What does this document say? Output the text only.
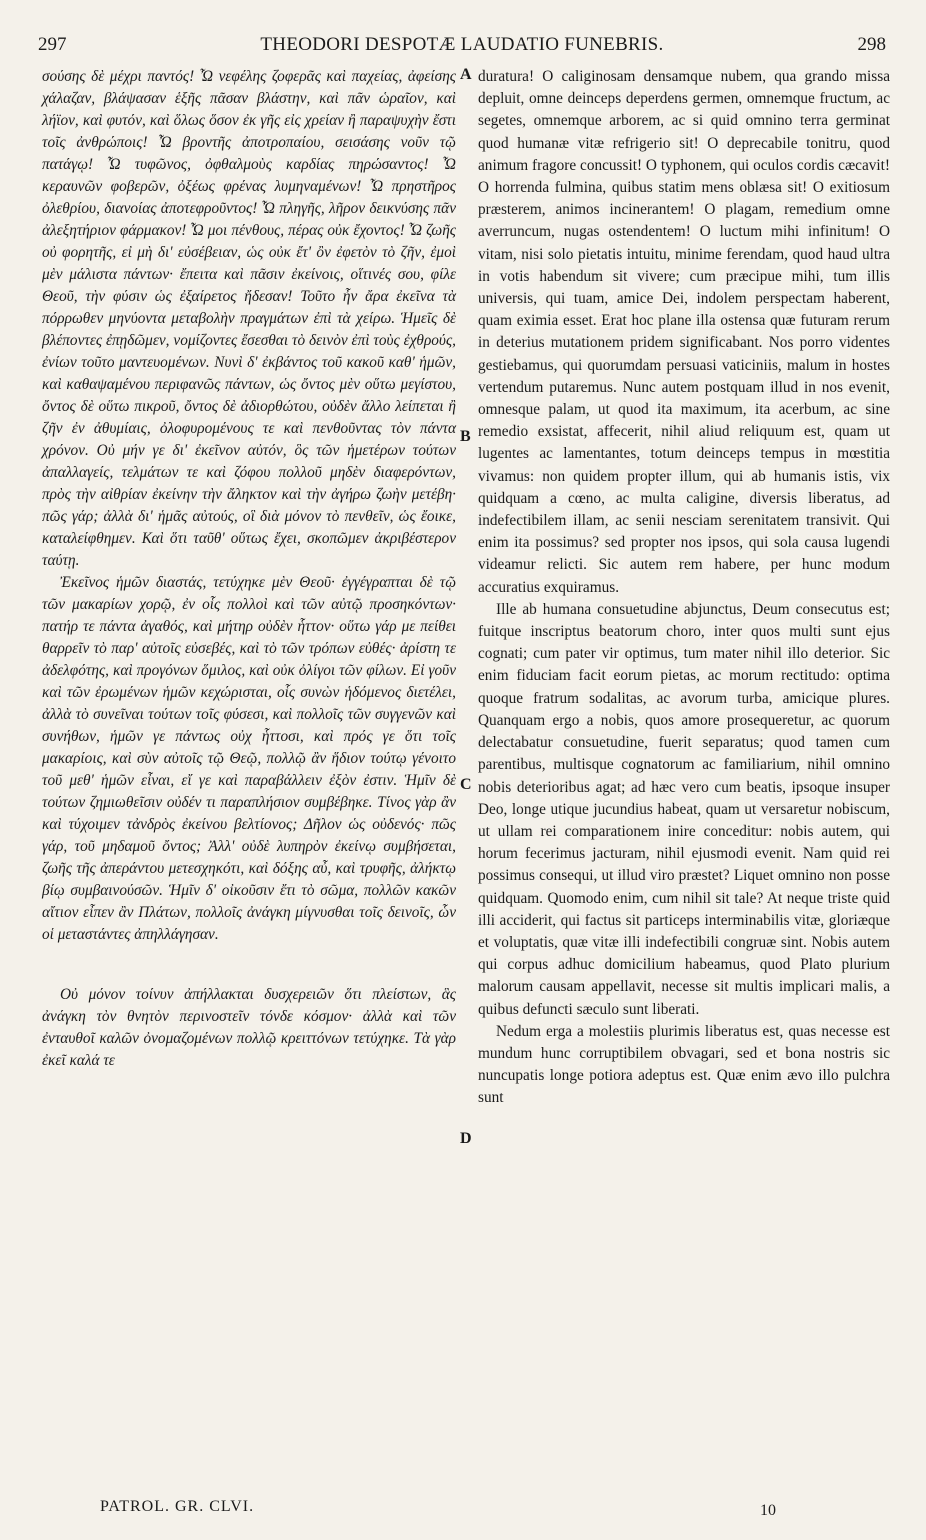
297	THEODORI DESPOTÆ LAUDATIO FUNEBRIS.	298

σούσης δὲ μέχρι παντός! Ὦ νεφέλης ζοφερᾶς καὶ παχείας, ἀφείσης χάλαζαν, βλάψασαν ἑξῆς πᾶσαν βλάστην, καὶ πᾶν ὡραῖον, καὶ λήϊον, καὶ φυτόν, καὶ ὅλως ὅσον ἐκ γῆς εἰς χρείαν ἢ παραψυχὴν ἔστι τοῖς ἀνθρώποις! Ὦ βροντῆς ἀποτροπαίου, σεισάσης νοῦν τῷ πατάγῳ! Ὦ τυφῶνος, ὀφθαλμοὺς καρδίας πηρώσαντος! Ὦ κεραυνῶν φοβερῶν, ὀξέως φρένας λυμηναμένων! Ὦ πρηστῆρος ὀλεθρίου, διανοίας ἀποτεφροῦντος! Ὦ πληγῆς, λῆρον δεικνύσης πᾶν ἀλεξητήριον φάρμακον! Ὦ μοι πένθους, πέρας οὐκ ἔχοντος! Ὦ ζωῆς οὐ φορητῆς, εἰ μὴ δι' εὐσέβειαν, ὡς οὐκ ἔτ' ὂν ἐφετὸν τὸ ζῆν, ἐμοὶ μὲν μάλιστα πάντων· ἔπειτα καὶ πᾶσιν ἐκείνοις, οἵτινές σου, φίλε Θεοῦ, τὴν φύσιν ὡς ἐξαίρετος ἤδεσαν! Τοῦτο ἦν ἄρα ἐκεῖνα τὰ πόρρωθεν μηνύοντα μεταβολὴν πραγμάτων ἐπὶ τὰ χείρω. Ἡμεῖς δὲ βλέποντες ἐπῃδῶμεν, νομίζοντες ἔσεσθαι τὸ δεινὸν ἐπὶ τοὺς ἐχθρούς, ἐνίων τοῦτο μαντευομένων. Νυνὶ δ' ἐκβάντος τοῦ κακοῦ καθ' ἡμῶν, καὶ καθαψαμένου περιφανῶς πάντων, ὡς ὄντος μὲν οὕτω μεγίστου, ὄντος δὲ οὕτω πικροῦ, ὄντος δὲ ἀδιορθώτου, οὐδὲν ἄλλο λείπεται ἢ ζῆν ἐν ἀθυμίαις, ὀλοφυρομένους τε καὶ πενθοῦντας τὸν πάντα χρόνον. Οὐ μήν γε δι' ἐκεῖνον αὐτόν, ὃς τῶν ἡμετέρων τούτων ἀπαλλαγείς, τελμάτων τε καὶ ζόφου πολλοῦ μηδὲν διαφερόντων, πρὸς τὴν αἰθρίαν ἐκείνην τὴν ἄληκτον καὶ τὴν ἀγήρω ζωὴν μετέβη· πῶς γάρ; ἀλλὰ δι' ἡμᾶς αὐτούς, οἳ διὰ μόνον τὸ πενθεῖν, ὡς ἔοικε, καταλείφθημεν. Καὶ ὅτι ταῦθ' οὕτως ἔχει, σκοπῶμεν ἀκριβέστερον ταύτῃ.

Ἐκεῖνος ἡμῶν διαστάς, τετύχηκε μὲν Θεοῦ· ἐγγέγραπται δὲ τῷ τῶν μακαρίων χορῷ, ἐν οἷς πολλοὶ καὶ τῶν αὐτῷ προσηκόντων· πατήρ τε πάντα ἀγαθός, καὶ μήτηρ οὐδὲν ἧττον· οὕτω γάρ με πείθει θαρρεῖν τὸ παρ' αὐτοῖς εὐσεβές, καὶ τὸ τῶν τρόπων εὐθές· ἀρίστη τε ἀδελφότης, καὶ προγόνων ὅμιλος, καὶ οὐκ ὀλίγοι τῶν φίλων. Εἰ γοῦν καὶ τῶν ἐρωμένων ἡμῶν κεχώρισται, οἷς συνὼν ἡδόμενος διετέλει, ἀλλὰ τὸ συνεῖναι τούτων τοῖς φύσεσι, καὶ πολλοῖς τῶν συγγενῶν καὶ συνήθων, ἡμῶν γε πάντως οὐχ ἧττοσι, καὶ πρός γε ὅτι τοῖς μακαρίοις, καὶ σὺν αὐτοῖς τῷ Θεῷ, πολλῷ ἂν ἥδιον τούτῳ γένοιτο τοῦ μεθ' ἡμῶν εἶναι, εἴ γε καὶ παραβάλλειν ἐξὸν ἐστιν. Ἡμῖν δὲ τούτων ζημιωθεῖσιν οὐδέν τι παραπλήσιον συμβέβηκε. Τίνος γὰρ ἂν καὶ τύχοιμεν τἀνδρὸς ἐκείνου βελτίονος; Δῆλον ὡς οὐδενός· πῶς γάρ, τοῦ μηδαμοῦ ὄντος; Ἀλλ' οὐδὲ λυπηρὸν ἐκείνῳ συμβήσεται, ζωῆς τῆς ἀπεράντου μετεσχηκότι, καὶ δόξης αὖ, καὶ τρυφῆς, ἀλήκτῳ βίῳ συμβαινούσῶν. Ἡμῖν δ' οἰκοῦσιν ἔτι τὸ σῶμα, πολλῶν κακῶν αἴτιον εἶπεν ἂν Πλάτων, πολλοῖς ἀνάγκη μίγνυσθαι τοῖς δεινοῖς, ὧν οἱ μεταστάντες ἀπηλλάγησαν.

Οὐ μόνον τοίνυν ἀπήλλακται δυσχερειῶν ὅτι πλείστων, ἃς ἀνάγκη τὸν θνητὸν περινοστεῖν τόνδε κόσμον· ἀλλὰ καὶ τῶν ἐνταυθοῖ καλῶν ὀνομαζομένων πολλῷ κρειττόνων τετύχηκε. Τὰ γὰρ ἐκεῖ καλά τε

duratura! O caliginosam densamque nubem, qua grando missa depluit, omne deinceps deperdens germen, omnemque fructum, ac segetes, omnemque arborem, ac si quid omnino terra germinat quod humanæ vitæ refrigerio sit! O deprecabile tonitru, quod animum fragore concussit! O typhonem, qui oculos cordis cæcavit! O horrenda fulmina, quibus statim mens oblæsa sit! O exitiosum præsterem, animos incinerantem! O plagam, remedium omne averruncum, nugas ostendentem! O luctum mihi infinitum! O vitam, nisi solo pietatis intuitu, minime ferendam, quod haud ultra in votis habendum sit vivere; cum præcipue mihi, tum illis universis, qui tuam, amice Dei, indolem perspectam haberent, quam eximia esset. Erat hoc plane illa ostensa quæ futuram rerum in deterius mutationem pridem significabant. Nos porro videntes gestiebamus, qui quorumdam persuasi vaticiniis, malum in hostes vertendum putaremus. Nunc autem postquam illud in nos evenit, omnesque palam, ut quod ita maximum, ita acerbum, ac sine remedio exsistat, affecerit, nihil aliud reliquum est, quam ut lugentes ac lamentantes, totum deinceps tempus in mœstitia vivamus: non quidem propter illum, qui ab humanis istis, vix quidquam a cœno, ac multa caligine, diversis liberatus, ad indefectibilem illam, ac senii nesciam serenitatem transivit. Qui enim ita possimus? sed propter nos ipsos, qui sola causa lugendi videamur relicti. Sic autem rem habere, per hunc modum accuratius exquiramus.

Ille ab humana consuetudine abjunctus, Deum consecutus est; fuitque inscriptus beatorum choro, inter quos multi sunt ejus cognati; cum pater vir optimus, tum mater nihil illo deterior. Sic enim fiduciam facit eorum pietas, ac morum rectitudo: optima quoque fratrum sodalitas, ac avorum turba, amicique plures. Quanquam ergo a nobis, quos amore prosequeretur, ac quorum delectabatur consuetudine, fuerit separatus; quod tamen cum parentibus, multisque cognatorum ac familiarium, nihil omnino nobis deterioribus agat; ad hæc vero cum beatis, ipsoque insuper Deo, longe utique jucundius habeat, quam ut versaretur nobiscum, ut ullam rei comparationem inire conceditur: nobis autem, qui horum fecerimus jacturam, nihil ejusmodi evenit. Nam quid rei possimus consequi, ut illud viro præstet? Liquet omnino non posse quidquam. Quomodo enim, cum nihil sit tale? At neque triste quid illi acciderit, qui factus sit particeps interminabilis vitæ, gloriæque et voluptatis, quæ vitæ illi indefectibili congruæ sint. Nobis autem qui corpus adhuc domicilium habeamus, quod Plato plurium malorum causam appellavit, necesse sit multis implicari malis, a quibus defuncti sæculo sunt liberati.

Nedum erga a molestiis plurimis liberatus est, quas necesse est mundum hunc corruptibilem obvagari, sed et bona nostris sic nuncupatis longe potiora adeptus est. Quæ enim ævo illo pulchra sunt

A
B
C
D
PATROL. GR. CLVI.	10
